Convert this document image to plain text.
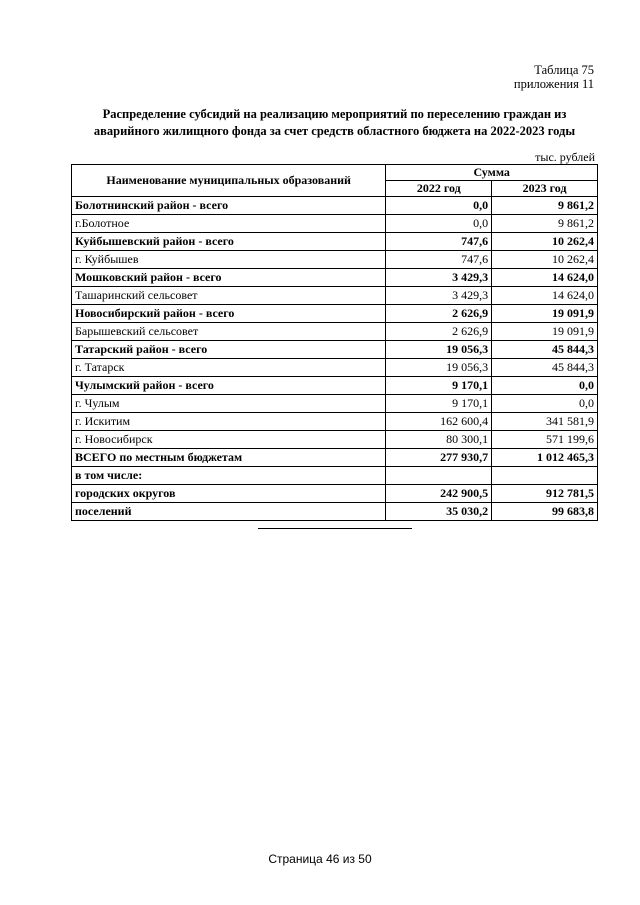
Таблица 75
приложения 11
Распределение субсидий на реализацию мероприятий по переселению граждан из аварийного жилищного фонда за счет средств областного бюджета на 2022-2023 годы
тыс. рублей
Наименование муниципальных образований	Сумма	
	2022 год	2023 год
Болотнинский район - всего	0,0	9 861,2
г.Болотное	0,0	9 861,2
Куйбышевский район - всего	747,6	10 262,4
г. Куйбышев	747,6	10 262,4
Мошковский район - всего	3 429,3	14 624,0
Ташаринский сельсовет	3 429,3	14 624,0
Новосибирский район - всего	2 626,9	19 091,9
Барышевский сельсовет	2 626,9	19 091,9
Татарский район - всего	19 056,3	45 844,3
г. Татарск	19 056,3	45 844,3
Чулымский район - всего	9 170,1	0,0
г. Чулым	9 170,1	0,0
г. Искитим	162 600,4	341 581,9
г. Новосибирск	80 300,1	571 199,6
ВСЕГО по местным бюджетам	277 930,7	1 012 465,3
в том числе:		
городских округов	242 900,5	912 781,5
поселений	35 030,2	99 683,8
Страница 46 из 50
